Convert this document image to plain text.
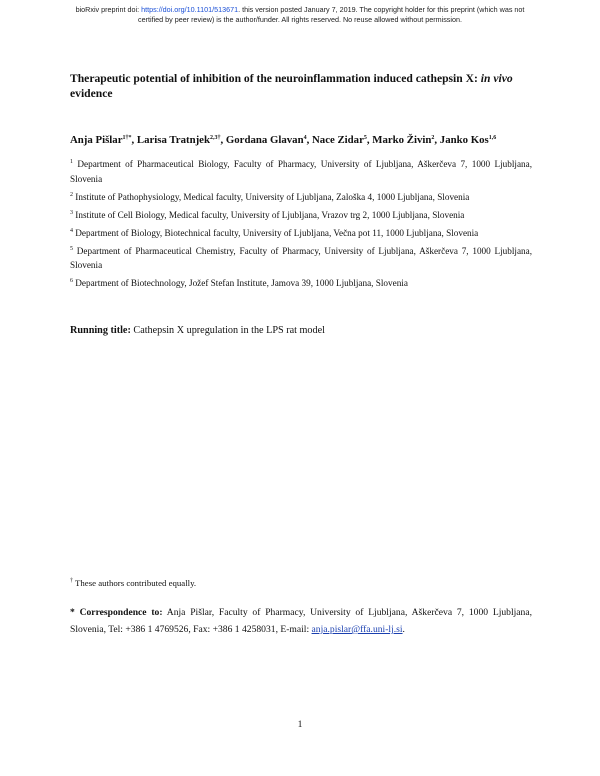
bioRxiv preprint doi: https://doi.org/10.1101/513671. this version posted January 7, 2019. The copyright holder for this preprint (which was not
certified by peer review) is the author/funder. All rights reserved. No reuse allowed without permission.
Therapeutic potential of inhibition of the neuroinflammation induced cathepsin X: in vivo evidence
Anja Pišlar$^{1\dagger*}$, Larisa Tratnjek$^{2,3\dagger}$, Gordana Glavan$^4$, Nace Zidar$^5$, Marko Živin$^2$, Janko Kos$^{1,6}$
$^1$ Department of Pharmaceutical Biology, Faculty of Pharmacy, University of Ljubljana, Aškerčeva 7, 1000 Ljubljana, Slovenia
$^2$ Institute of Pathophysiology, Medical faculty, University of Ljubljana, Zaloška 4, 1000 Ljubljana, Slovenia
$^3$ Institute of Cell Biology, Medical faculty, University of Ljubljana, Vrazov trg 2, 1000 Ljubljana, Slovenia
$^4$ Department of Biology, Biotechnical faculty, University of Ljubljana, Večna pot 11, 1000 Ljubljana, Slovenia
$^5$ Department of Pharmaceutical Chemistry, Faculty of Pharmacy, University of Ljubljana, Aškerčeva 7, 1000 Ljubljana, Slovenia
$^6$ Department of Biotechnology, Jožef Stefan Institute, Jamova 39, 1000 Ljubljana, Slovenia
Running title: Cathepsin X upregulation in the LPS rat model
† These authors contributed equally.
* Correspondence to: Anja Pišlar, Faculty of Pharmacy, University of Ljubljana, Aškerčeva 7, 1000 Ljubljana, Slovenia, Tel: +386 1 4769526, Fax: +386 1 4258031, E-mail: anja.pislar@ffa.uni-lj.si.
1
